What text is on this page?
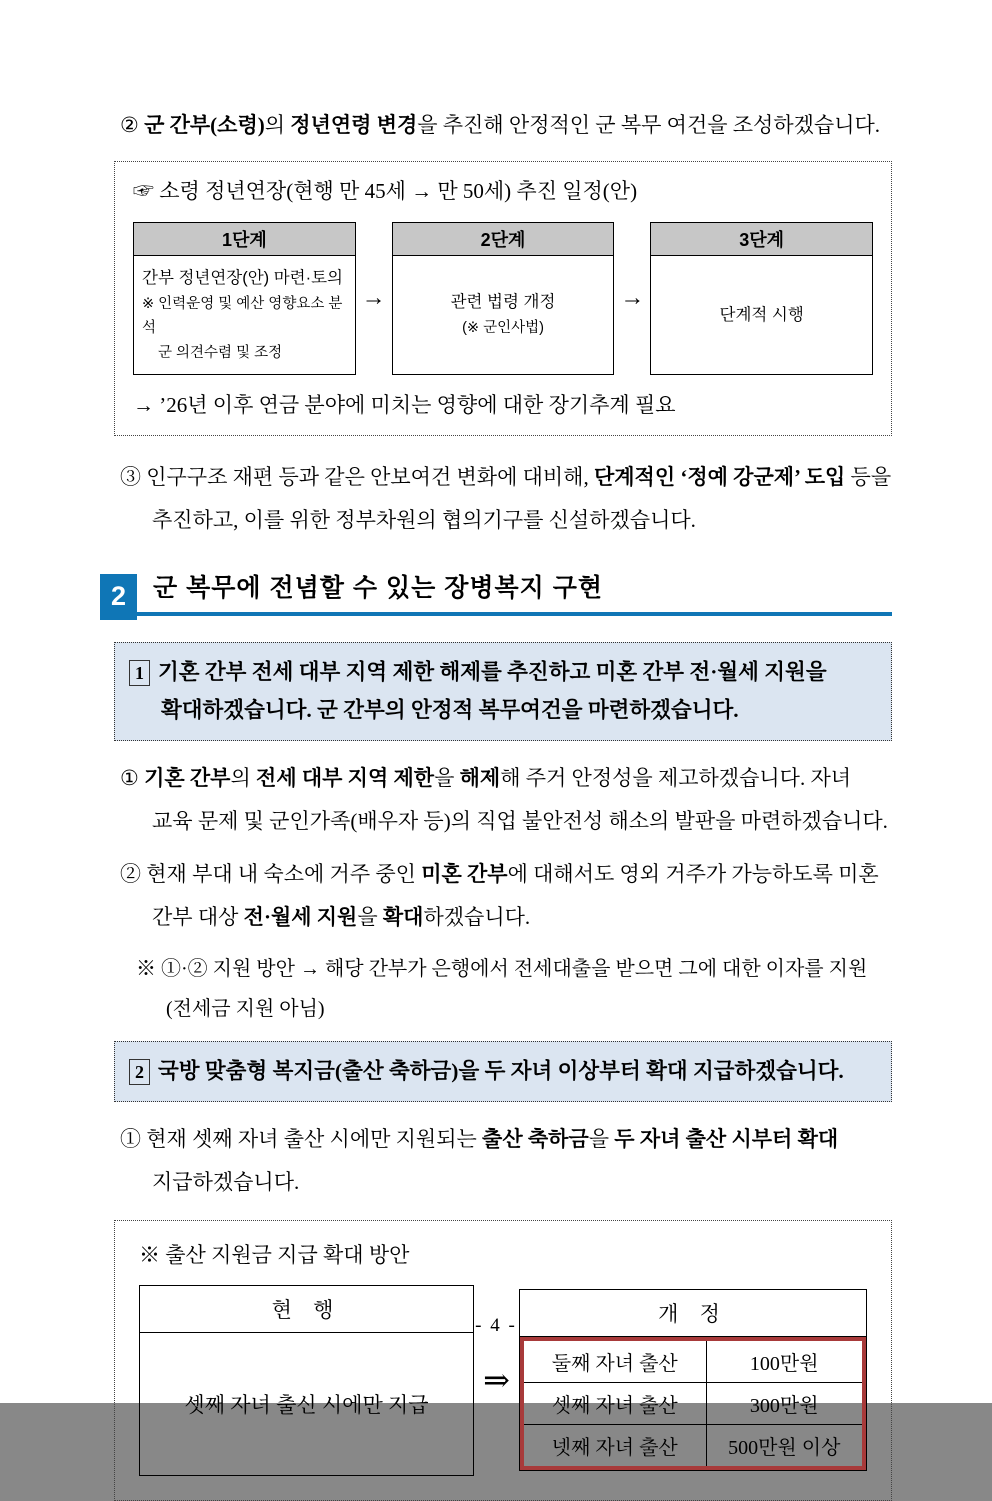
② 군 간부(소령)의 정년연령 변경을 추진해 안정적인 군 복무 여건을 조성하겠습니다.

☞ 소령 정년연장(현행 만 45세 → 만 50세) 추진 일정(안)
1단계
간부 정년연장(안) 마련·토의
※ 인력운영 및 예산 영향요소 분석
군 의견수렴 및 조정
→
2단계
관련 법령 개정
(※ 군인사법)
→
3단계
단계적 시행
→ ’26년 이후 연금 분야에 미치는 영향에 대한 장기추계 필요

③ 인구구조 재편 등과 같은 안보여건 변화에 대비해, 단계적인 ‘정예 강군제’ 도입 등을 추진하고, 이를 위한 정부차원의 협의기구를 신설하겠습니다.

2	군 복무에 전념할 수 있는 장병복지 구현
1 기혼 간부 전세 대부 지역 제한 해제를 추진하고 미혼 간부 전·월세 지원을 확대하겠습니다. 군 간부의 안정적 복무여건을 마련하겠습니다.

① 기혼 간부의 전세 대부 지역 제한을 해제해 주거 안정성을 제고하겠습니다. 자녀 교육 문제 및 군인가족(배우자 등)의 직업 불안전성 해소의 발판을 마련하겠습니다.

② 현재 부대 내 숙소에 거주 중인 미혼 간부에 대해서도 영외 거주가 가능하도록 미혼 간부 대상 전·월세 지원을 확대하겠습니다.

※ ①·② 지원 방안 → 해당 간부가 은행에서 전세대출을 받으면 그에 대한 이자를 지원 (전세금 지원 아님)

2 국방 맞춤형 복지금(출산 축하금)을 두 자녀 이상부터 확대 지급하겠습니다.

① 현재 셋째 자녀 출산 시에만 지원되는 출산 축하금을 두 자녀 출산 시부터 확대 지급하겠습니다.

※ 출산 지원금 지급 확대 방안
현 행
셋째 자녀 출신 시에만 지급
⇒
개 정
둘째 자녀 출산	100만원
셋째 자녀 출산	300만원
넷째 자녀 출산	500만원 이상
- 4 -
